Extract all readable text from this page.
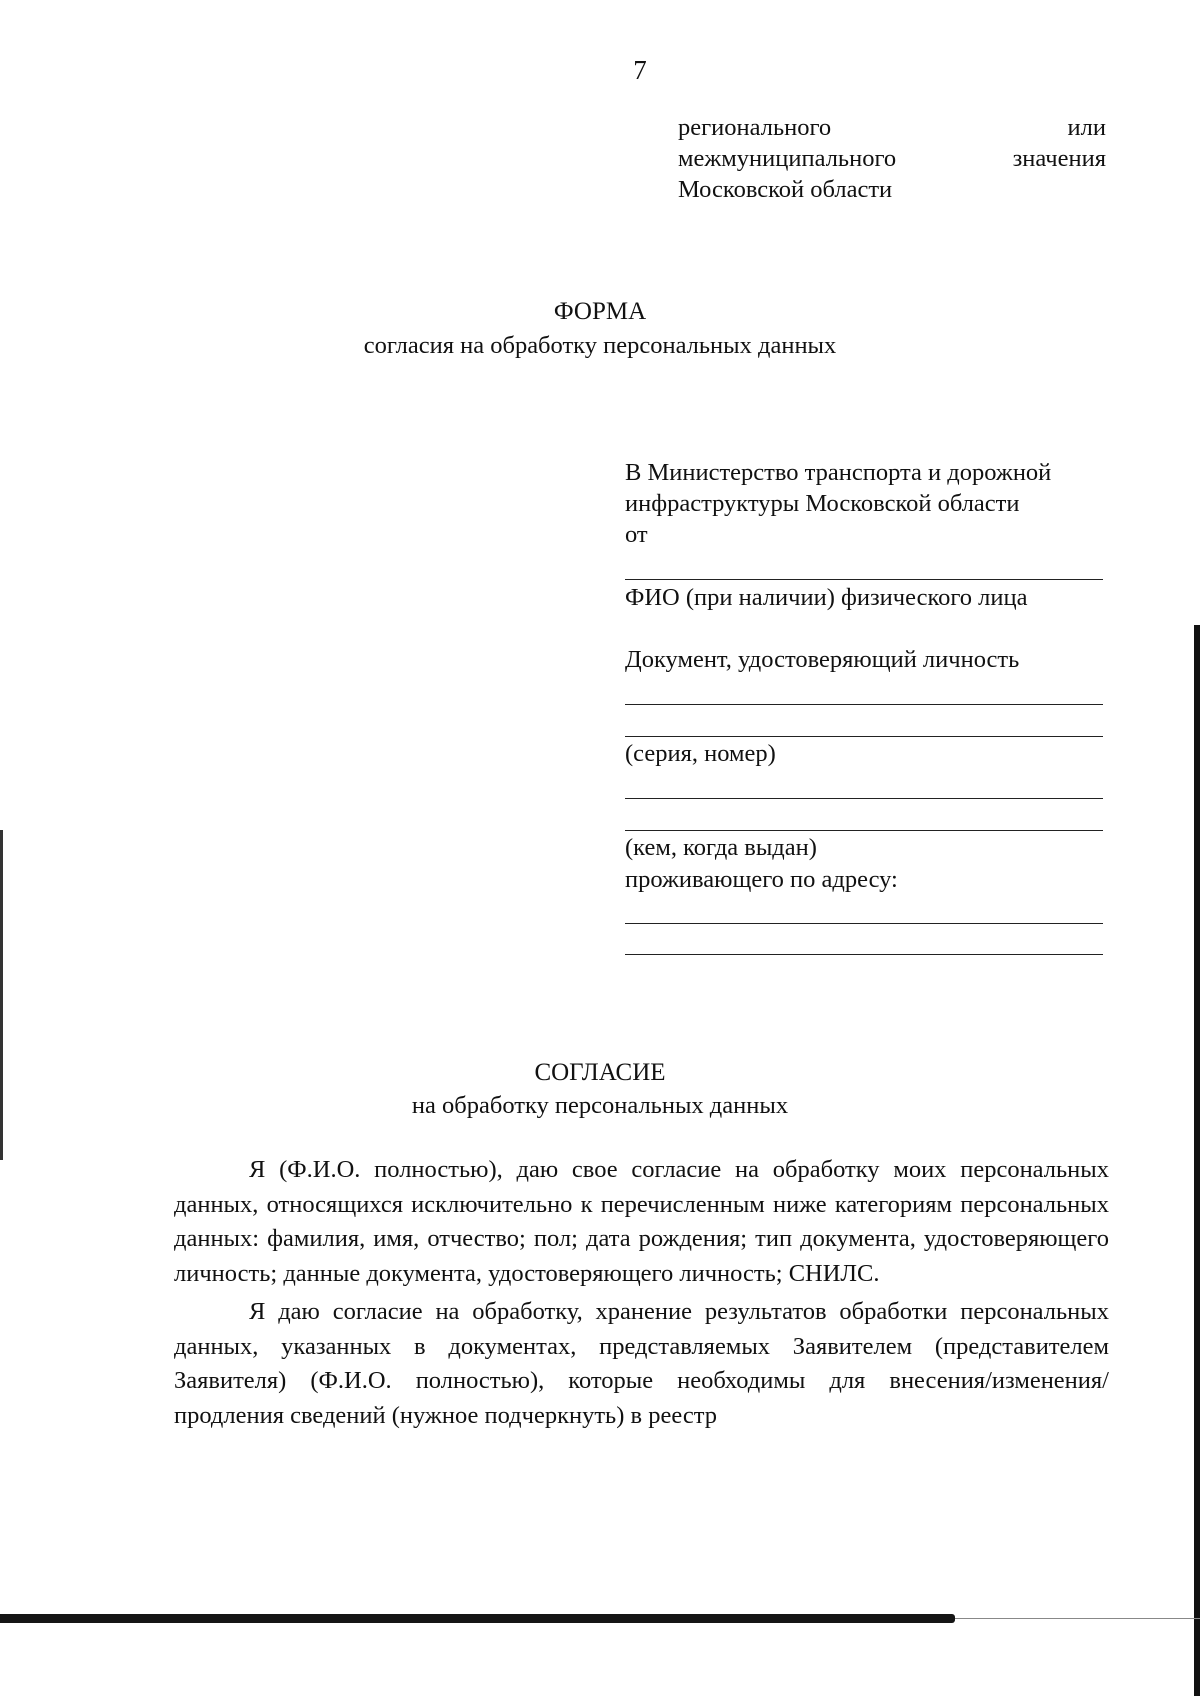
7
регионального	или
межмуниципального	значения
Московской области
ФОРМА
согласия на обработку персональных данных
В Министерство транспорта и дорожной
инфраструктуры Московской области
от
ФИО (при наличии) физического лица
Документ, удостоверяющий личность
(серия, номер)
(кем, когда выдан)
проживающего по адресу:
СОГЛАСИЕ
на обработку персональных данных

Я (Ф.И.О. полностью), даю свое согласие на обработку моих персональных данных, относящихся исключительно к перечисленным ниже категориям персональных данных: фамилия, имя, отчество; пол; дата рождения; тип документа, удостоверяющего личность; данные документа, удостоверяющего личность; СНИЛС.

Я даю согласие на обработку, хранение результатов обработки персональных данных, указанных в документах, представляемых Заявителем (представителем Заявителя) (Ф.И.О. полностью), которые необходимы для внесения/изменения/продления сведений (нужное подчеркнуть) в реестр
